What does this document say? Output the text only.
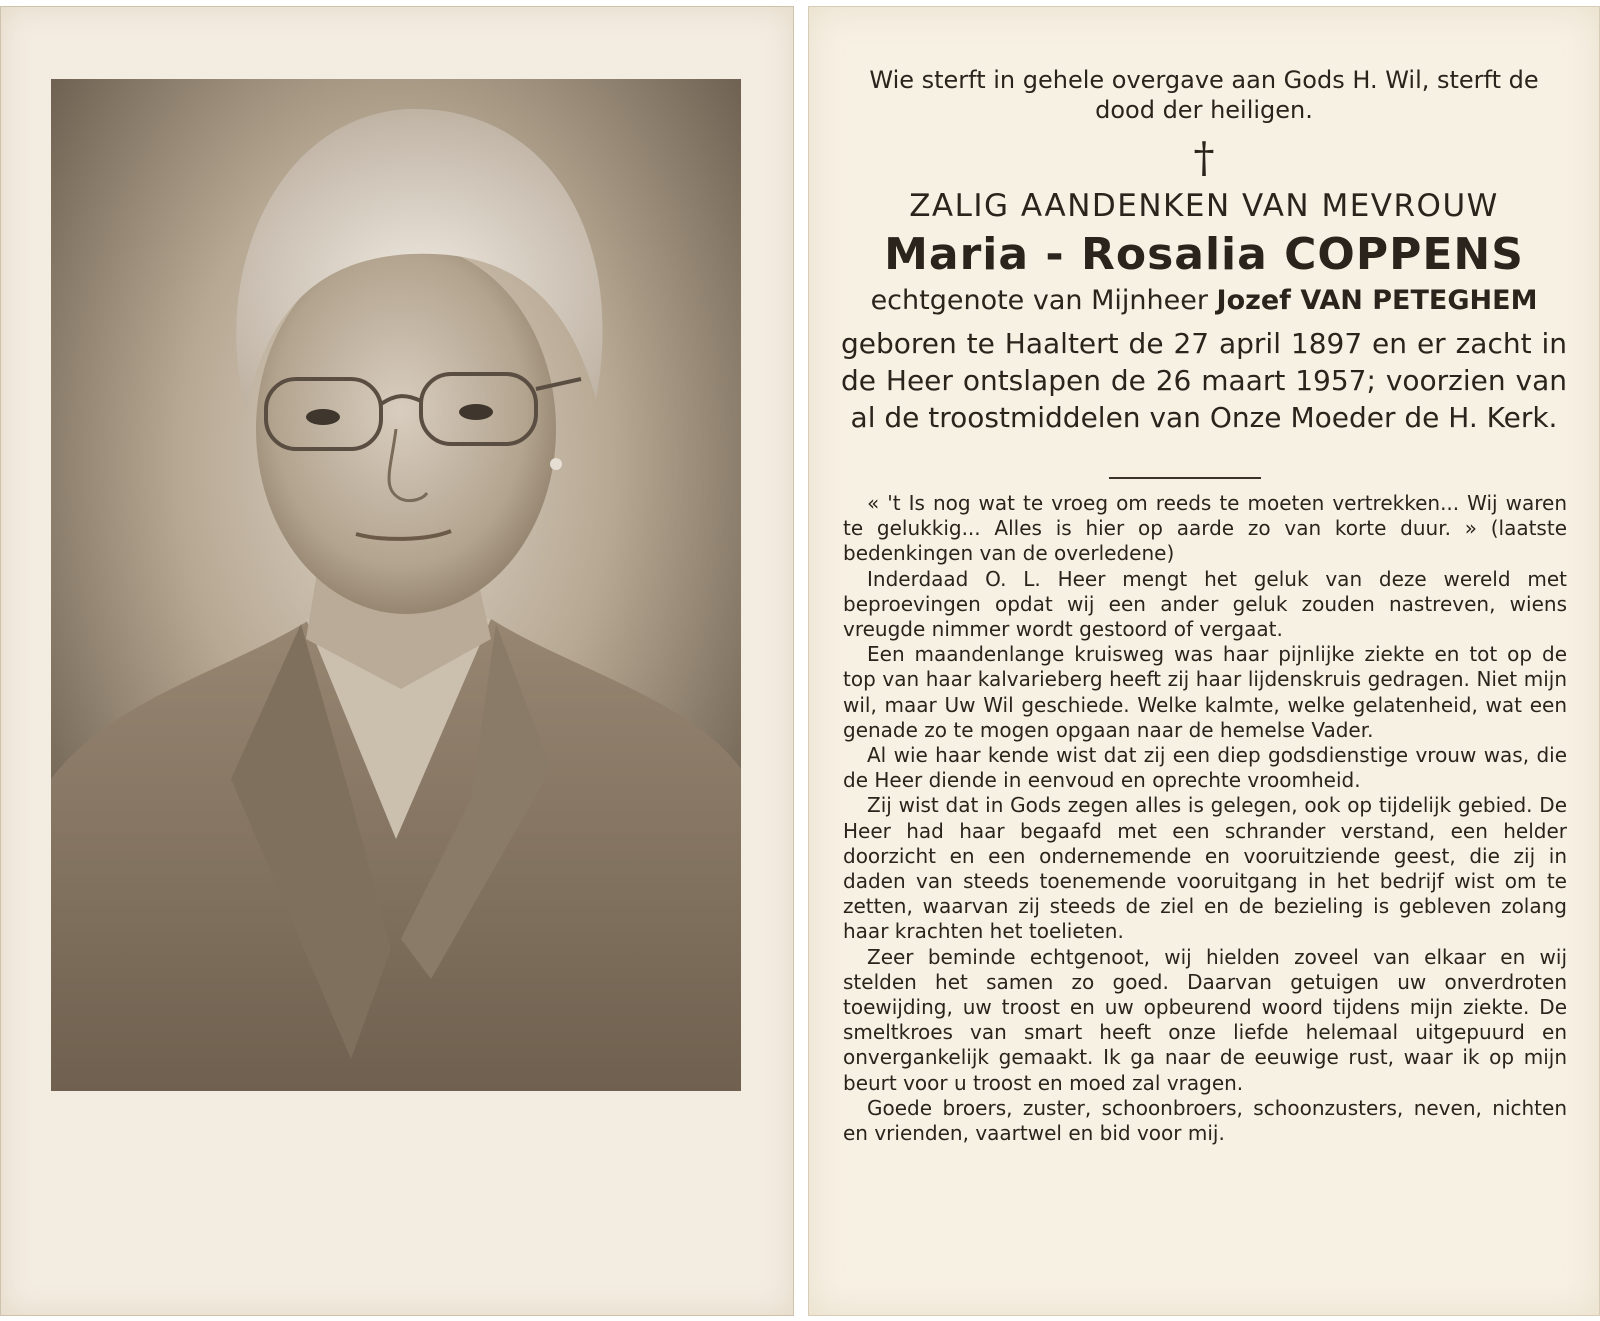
Wie sterft in gehele overgave aan Gods H. Wil, sterft de dood der heiligen.
†
ZALIG AANDENKEN VAN MEVROUW
Maria - Rosalia COPPENS
echtgenote van Mijnheer Jozef VAN PETEGHEM
geboren te Haaltert de 27 april 1897 en er zacht in de Heer ontslapen de 26 maart 1957; voorzien van al de troostmiddelen van Onze Moeder de H. Kerk.

« 't Is nog wat te vroeg om reeds te moeten vertrekken... Wij waren te gelukkig... Alles is hier op aarde zo van korte duur. » (laatste bedenkingen van de overledene)

Inderdaad O. L. Heer mengt het geluk van deze wereld met beproevingen opdat wij een ander geluk zouden nastreven, wiens vreugde nimmer wordt gestoord of vergaat.

Een maandenlange kruisweg was haar pijnlijke ziekte en tot op de top van haar kalvarieberg heeft zij haar lijdenskruis gedragen. Niet mijn wil, maar Uw Wil geschiede. Welke kalmte, welke gelatenheid, wat een genade zo te mogen opgaan naar de hemelse Vader.

Al wie haar kende wist dat zij een diep godsdienstige vrouw was, die de Heer diende in eenvoud en oprechte vroomheid.

Zij wist dat in Gods zegen alles is gelegen, ook op tijdelijk gebied. De Heer had haar begaafd met een schrander verstand, een helder doorzicht en een ondernemende en vooruitziende geest, die zij in daden van steeds toenemende vooruitgang in het bedrijf wist om te zetten, waarvan zij steeds de ziel en de bezieling is gebleven zolang haar krachten het toelieten.

Zeer beminde echtgenoot, wij hielden zoveel van elkaar en wij stelden het samen zo goed. Daarvan getuigen uw onverdroten toewijding, uw troost en uw opbeurend woord tijdens mijn ziekte. De smeltkroes van smart heeft onze liefde helemaal uitgepuurd en onvergankelijk gemaakt. Ik ga naar de eeuwige rust, waar ik op mijn beurt voor u troost en moed zal vragen.

Goede broers, zuster, schoonbroers, schoonzusters, neven, nichten en vrienden, vaartwel en bid voor mij.
